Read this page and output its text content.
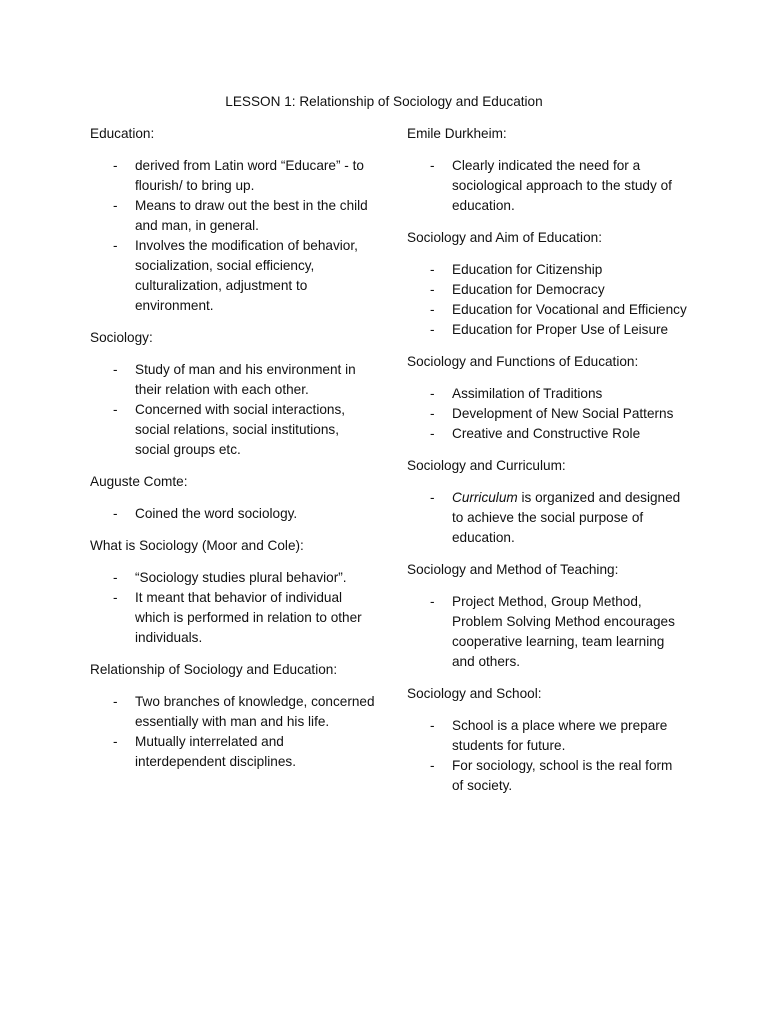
LESSON 1: Relationship of Sociology and Education

Education:

- derived from Latin word “Educare” - to flourish/ to bring up.
- Means to draw out the best in the child and man, in general.
- Involves the modification of behavior, socialization, social efficiency, culturalization, adjustment to environment.

Sociology:

- Study of man and his environment in their relation with each other.
- Concerned with social interactions, social relations, social institutions, social groups etc.

Auguste Comte:

- Coined the word sociology.

What is Sociology (Moor and Cole):

- “Sociology studies plural behavior”.
- It meant that behavior of individual which is performed in relation to other individuals.

Relationship of Sociology and Education:

- Two branches of knowledge, concerned essentially with man and his life.
- Mutually interrelated and interdependent disciplines.

Emile Durkheim:

- Clearly indicated the need for a sociological approach to the study of education.

Sociology and Aim of Education:

- Education for Citizenship
- Education for Democracy
- Education for Vocational and Efficiency
- Education for Proper Use of Leisure

Sociology and Functions of Education:

- Assimilation of Traditions
- Development of New Social Patterns
- Creative and Constructive Role

Sociology and Curriculum:

- Curriculum is organized and designed to achieve the social purpose of education.

Sociology and Method of Teaching:

- Project Method, Group Method, Problem Solving Method encourages cooperative learning, team learning and others.

Sociology and School:

- School is a place where we prepare students for future.
- For sociology, school is the real form of society.
